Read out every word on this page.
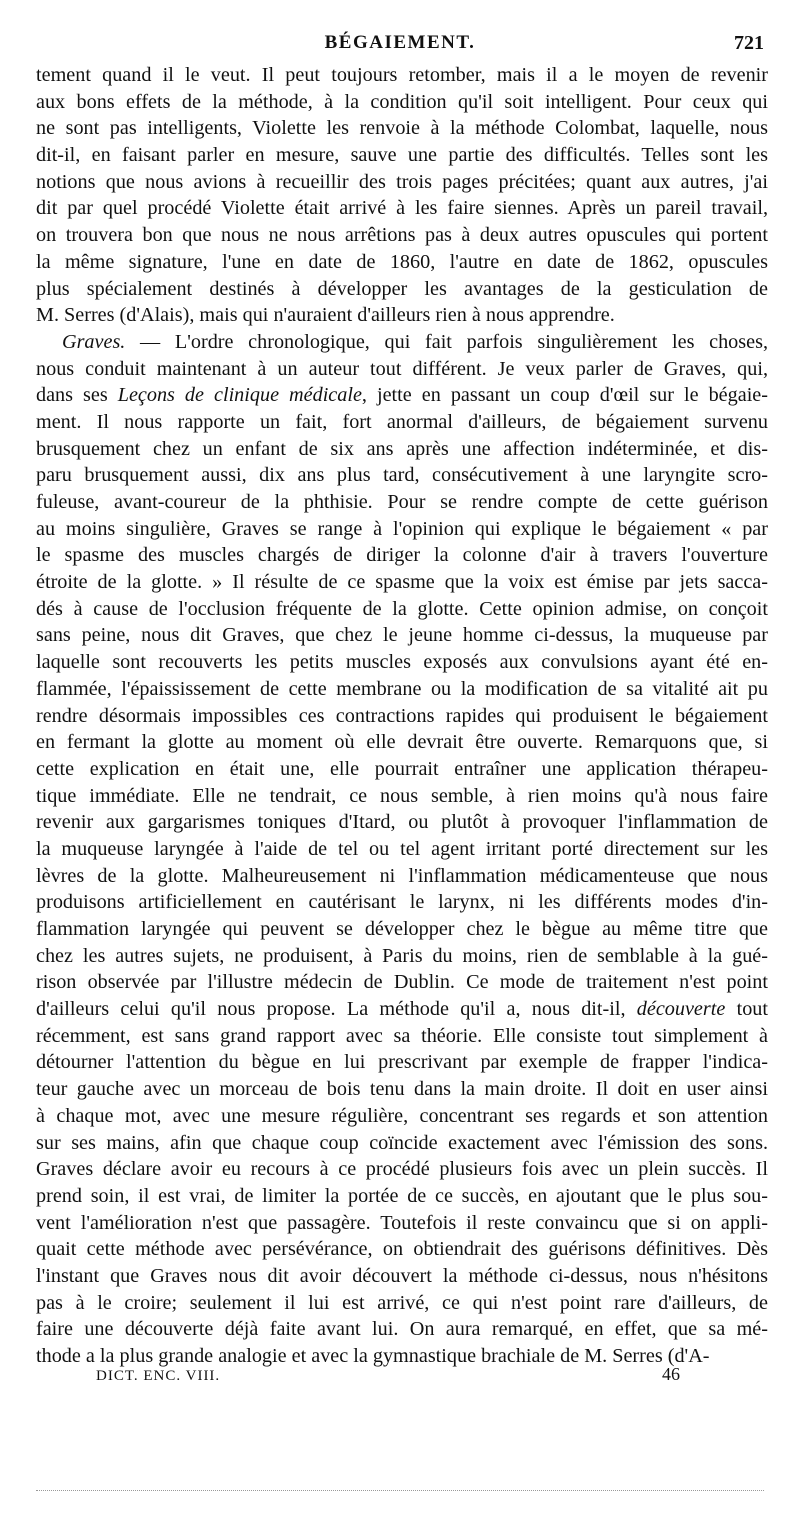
BÉGAIEMENT.	721
tement quand il le veut. Il peut toujours retomber, mais il a le moyen de revenir
aux bons effets de la méthode, à la condition qu'il soit intelligent. Pour ceux qui
ne sont pas intelligents, Violette les renvoie à la méthode Colombat, laquelle, nous
dit-il, en faisant parler en mesure, sauve une partie des difficultés. Telles sont les
notions que nous avions à recueillir des trois pages précitées; quant aux autres, j'ai
dit par quel procédé Violette était arrivé à les faire siennes. Après un pareil travail,
on trouvera bon que nous ne nous arrêtions pas à deux autres opuscules qui portent
la même signature, l'une en date de 1860, l'autre en date de 1862, opuscules
plus spécialement destinés à développer les avantages de la gesticulation de
M. Serres (d'Alais), mais qui n'auraient d'ailleurs rien à nous apprendre.
Graves. — L'ordre chronologique, qui fait parfois singulièrement les choses,
nous conduit maintenant à un auteur tout différent. Je veux parler de Graves, qui,
dans ses Leçons de clinique médicale, jette en passant un coup d'œil sur le bégaie-
ment. Il nous rapporte un fait, fort anormal d'ailleurs, de bégaiement survenu
brusquement chez un enfant de six ans après une affection indéterminée, et dis-
paru brusquement aussi, dix ans plus tard, consécutivement à une laryngite scro-
fuleuse, avant-coureur de la phthisie. Pour se rendre compte de cette guérison
au moins singulière, Graves se range à l'opinion qui explique le bégaiement « par
le spasme des muscles chargés de diriger la colonne d'air à travers l'ouverture
étroite de la glotte. » Il résulte de ce spasme que la voix est émise par jets sacca-
dés à cause de l'occlusion fréquente de la glotte. Cette opinion admise, on conçoit
sans peine, nous dit Graves, que chez le jeune homme ci-dessus, la muqueuse par
laquelle sont recouverts les petits muscles exposés aux convulsions ayant été en-
flammée, l'épaississement de cette membrane ou la modification de sa vitalité ait pu
rendre désormais impossibles ces contractions rapides qui produisent le bégaiement
en fermant la glotte au moment où elle devrait être ouverte. Remarquons que, si
cette explication en était une, elle pourrait entraîner une application thérapeu-
tique immédiate. Elle ne tendrait, ce nous semble, à rien moins qu'à nous faire
revenir aux gargarismes toniques d'Itard, ou plutôt à provoquer l'inflammation de
la muqueuse laryngée à l'aide de tel ou tel agent irritant porté directement sur les
lèvres de la glotte. Malheureusement ni l'inflammation médicamenteuse que nous
produisons artificiellement en cautérisant le larynx, ni les différents modes d'in-
flammation laryngée qui peuvent se développer chez le bègue au même titre que
chez les autres sujets, ne produisent, à Paris du moins, rien de semblable à la gué-
rison observée par l'illustre médecin de Dublin. Ce mode de traitement n'est point
d'ailleurs celui qu'il nous propose. La méthode qu'il a, nous dit-il, découverte tout
récemment, est sans grand rapport avec sa théorie. Elle consiste tout simplement à
détourner l'attention du bègue en lui prescrivant par exemple de frapper l'indica-
teur gauche avec un morceau de bois tenu dans la main droite. Il doit en user ainsi
à chaque mot, avec une mesure régulière, concentrant ses regards et son attention
sur ses mains, afin que chaque coup coïncide exactement avec l'émission des sons.
Graves déclare avoir eu recours à ce procédé plusieurs fois avec un plein succès. Il
prend soin, il est vrai, de limiter la portée de ce succès, en ajoutant que le plus sou-
vent l'amélioration n'est que passagère. Toutefois il reste convaincu que si on appli-
quait cette méthode avec persévérance, on obtiendrait des guérisons définitives. Dès
l'instant que Graves nous dit avoir découvert la méthode ci-dessus, nous n'hésitons
pas à le croire; seulement il lui est arrivé, ce qui n'est point rare d'ailleurs, de
faire une découverte déjà faite avant lui. On aura remarqué, en effet, que sa mé-
thode a la plus grande analogie et avec la gymnastique brachiale de M. Serres (d'A-
DICT. ENC. VIII.	46
